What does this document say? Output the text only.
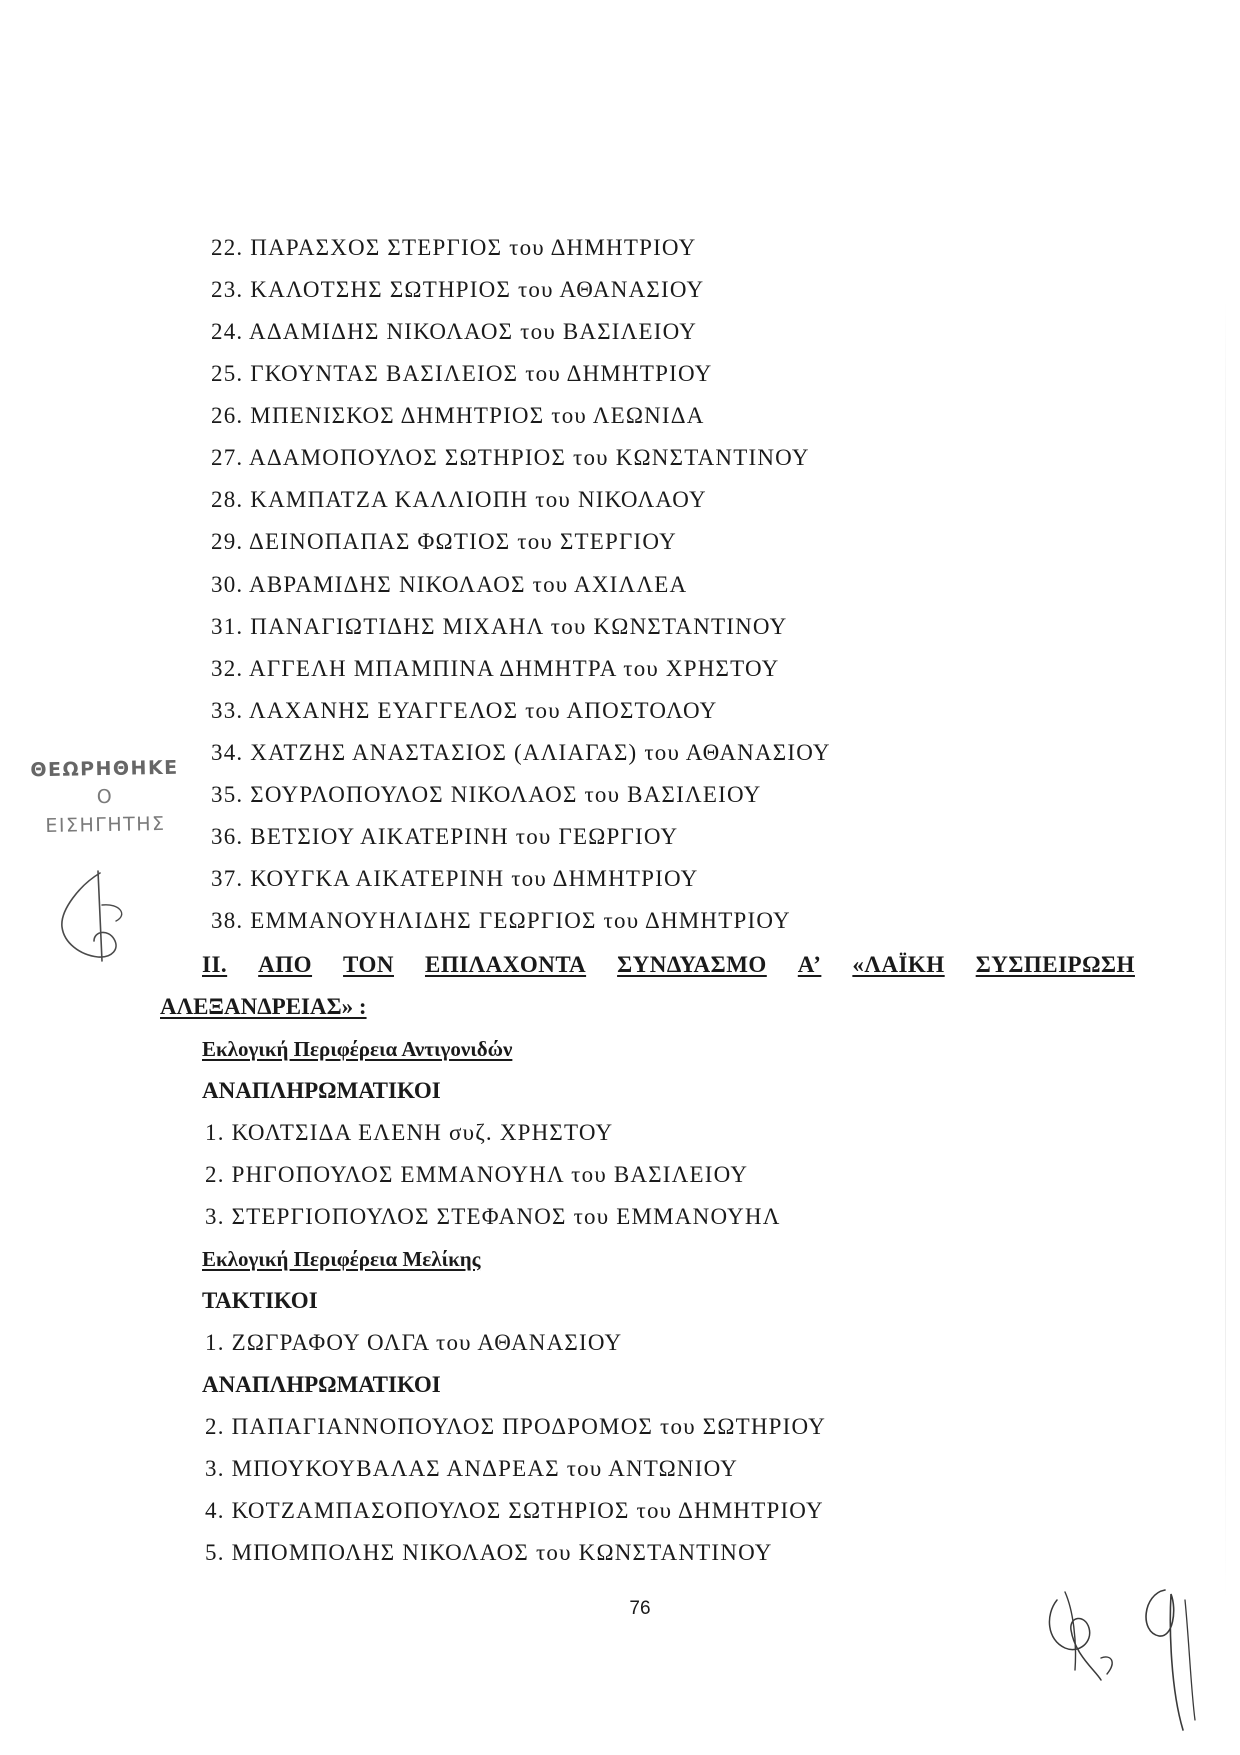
22. ΠΑΡΑΣΧΟΣ ΣΤΕΡΓΙΟΣ του ΔΗΜΗΤΡΙΟΥ
23. ΚΑΛΟΤΣΗΣ ΣΩΤΗΡΙΟΣ του ΑΘΑΝΑΣΙΟΥ
24. ΑΔΑΜΙΔΗΣ ΝΙΚΟΛΑΟΣ του ΒΑΣΙΛΕΙΟΥ
25. ΓΚΟΥΝΤΑΣ ΒΑΣΙΛΕΙΟΣ του ΔΗΜΗΤΡΙΟΥ
26. ΜΠΕΝΙΣΚΟΣ ΔΗΜΗΤΡΙΟΣ του ΛΕΩΝΙΔΑ
27. ΑΔΑΜΟΠΟΥΛΟΣ ΣΩΤΗΡΙΟΣ του ΚΩΝΣΤΑΝΤΙΝΟΥ
28. ΚΑΜΠΑΤΖΑ ΚΑΛΛΙΟΠΗ του ΝΙΚΟΛΑΟΥ
29. ΔΕΙΝΟΠΑΠΑΣ ΦΩΤΙΟΣ του ΣΤΕΡΓΙΟΥ
30. ΑΒΡΑΜΙΔΗΣ ΝΙΚΟΛΑΟΣ του ΑΧΙΛΛΕΑ
31. ΠΑΝΑΓΙΩΤΙΔΗΣ ΜΙΧΑΗΛ του ΚΩΝΣΤΑΝΤΙΝΟΥ
32. ΑΓΓΕΛΗ ΜΠΑΜΠΙΝΑ ΔΗΜΗΤΡΑ του ΧΡΗΣΤΟΥ
33. ΛΑΧΑΝΗΣ ΕΥΑΓΓΕΛΟΣ του ΑΠΟΣΤΟΛΟΥ
34. ΧΑΤΖΗΣ ΑΝΑΣΤΑΣΙΟΣ (ΑΛΙΑΓΑΣ) του ΑΘΑΝΑΣΙΟΥ
35. ΣΟΥΡΛΟΠΟΥΛΟΣ ΝΙΚΟΛΑΟΣ του ΒΑΣΙΛΕΙΟΥ
36. ΒΕΤΣΙΟΥ ΑΙΚΑΤΕΡΙΝΗ του ΓΕΩΡΓΙΟΥ
37. ΚΟΥΓΚΑ ΑΙΚΑΤΕΡΙΝΗ του ΔΗΜΗΤΡΙΟΥ
38. ΕΜΜΑΝΟΥΗΛΙΔΗΣ ΓΕΩΡΓΙΟΣ του ΔΗΜΗΤΡΙΟΥ
ΙΙ. ΑΠΟ ΤΟΝ ΕΠΙΛΑΧΟΝΤΑ ΣΥΝΔΥΑΣΜΟ Α’ «ΛΑΪΚΗ ΣΥΣΠΕΙΡΩΣΗ
ΑΛΕΞΑΝΔΡΕΙΑΣ» :
Εκλογική Περιφέρεια Αντιγονιδών
ΑΝΑΠΛΗΡΩΜΑΤΙΚΟΙ
1. ΚΟΛΤΣΙΔΑ ΕΛΕΝΗ συζ. ΧΡΗΣΤΟΥ
2. ΡΗΓΟΠΟΥΛΟΣ ΕΜΜΑΝΟΥΗΛ του ΒΑΣΙΛΕΙΟΥ
3. ΣΤΕΡΓΙΟΠΟΥΛΟΣ ΣΤΕΦΑΝΟΣ του ΕΜΜΑΝΟΥΗΛ
Εκλογική Περιφέρεια Μελίκης
ΤΑΚΤΙΚΟΙ
1. ΖΩΓΡΑΦΟΥ ΟΛΓΑ του ΑΘΑΝΑΣΙΟΥ
ΑΝΑΠΛΗΡΩΜΑΤΙΚΟΙ
2. ΠΑΠΑΓΙΑΝΝΟΠΟΥΛΟΣ ΠΡΟΔΡΟΜΟΣ του ΣΩΤΗΡΙΟΥ
3. ΜΠΟΥΚΟΥΒΑΛΑΣ ΑΝΔΡΕΑΣ του ΑΝΤΩΝΙΟΥ
4. ΚΟΤΖΑΜΠΑΣΟΠΟΥΛΟΣ ΣΩΤΗΡΙΟΣ του ΔΗΜΗΤΡΙΟΥ
5. ΜΠΟΜΠΟΛΗΣ ΝΙΚΟΛΑΟΣ του ΚΩΝΣΤΑΝΤΙΝΟΥ
76
ΘΕΩΡΗΘΗΚΕ
Ο
ΕΙΣΗΓΗΤΗΣ
